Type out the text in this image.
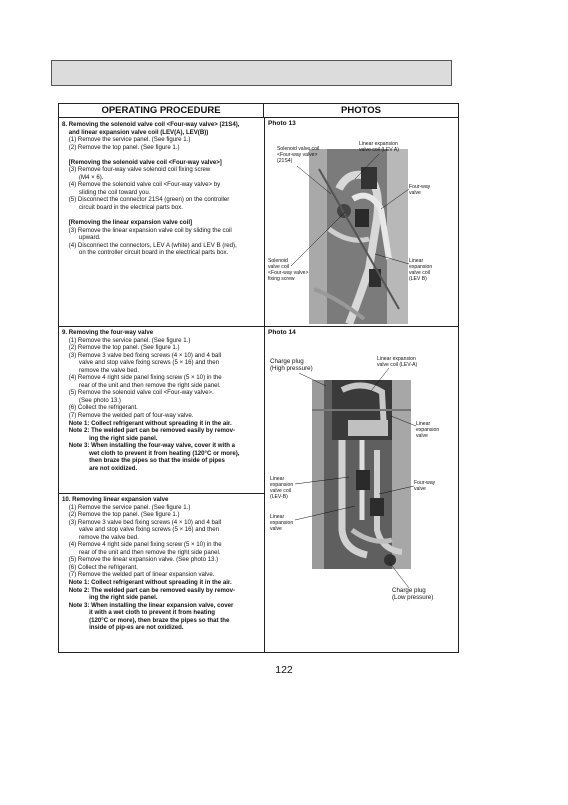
OPERATING PROCEDURE	PHOTOS
8. Removing the solenoid valve coil <Four-way valve> (21S4),
and linear expansion valve coil (LEV(A), LEV(B))
(1) Remove the service panel. (See figure 1.)
(2) Remove the top panel. (See figure 1.)

[Removing the solenoid valve coil <Four-way valve>]
(3) Remove four-way valve solenoid coil fixing screw
(M4 × 6).
(4) Remove the solenoid valve coil <Four-way valve> by
sliding the coil toward you.
(5) Disconnect the connector 21S4 (green) on the controller
circuit board in the electrical parts box.

[Removing the linear expansion valve coil]
(3) Remove the linear expansion valve coil by sliding the coil
upward.
(4) Disconnect the connectors, LEV A (white) and LEV B (red),
on the controller circuit board in the electrical parts box.
9. Removing the four-way valve
(1) Remove the service panel. (See figure 1.)
(2) Remove the top panel. (See figure 1.)
(3) Remove 3 valve bed fixing screws (4 × 10) and 4 ball
valve and stop valve fixing screws (5 × 16) and then
remove the valve bed.
(4) Remove 4 right side panel fixing screw (5 × 10) in the
rear of the unit and then remove the right side panel.
(5) Remove the solenoid valve coil <Four-way valve>.
(See photo 13.)
(6) Collect the refrigerant.
(7) Remove the welded part of four-way valve.
Note 1: Collect refrigerant without spreading it in the air.
Note 2: The welded part can be removed easily by remov-
ing the right side panel.
Note 3: When installing the four-way valve, cover it with a
wet cloth to prevent it from heating (120°C or more),
then braze the pipes so that the inside of pipes
are not oxidized.
10. Removing linear expansion valve
(1) Remove the service panel. (See figure 1.)
(2) Remove the top panel. (See figure 1.)
(3) Remove 3 valve bed fixing screws (4 × 10) and 4 ball
valve and stop valve fixing screws (5 × 16) and then
remove the valve bed.
(4) Remove 4 right side panel fixing screw (5 × 10) in the
rear of the unit and then remove the right side panel.
(5) Remove the linear expansion valve. (See photo 13.)
(6) Collect the refrigerant.
(7) Remove the welded part of linear expansion valve.
Note 1: Collect refrigerant without spreading it in the air.
Note 2: The welded part can be removed easily by remov-
ing the right side panel.
Note 3: When installing the linear expansion valve, cover
it with a wet cloth to prevent it from heating
(120°C or more), then braze the pipes so that the
inside of pip-es are not oxidized.
Photo 13
Solenoid valve coil
<Four-way valve>
(21S4)
Linear expansion
valve coil (LEV A)
Four-way
valve
Solenoid
valve coil
<Four-way valve>
fixing screw
Linear
expansion
valve coil
(LEV B)
Photo 14
Charge plug
(High pressure)
Linear expansion
valve coil (LEV-A)
Linear
expansion
valve
Four-way
valve
Linear
expansion
valve coil
(LEV-B)
Linear
expansion
valve
Charge plug
(Low pressure)
122
